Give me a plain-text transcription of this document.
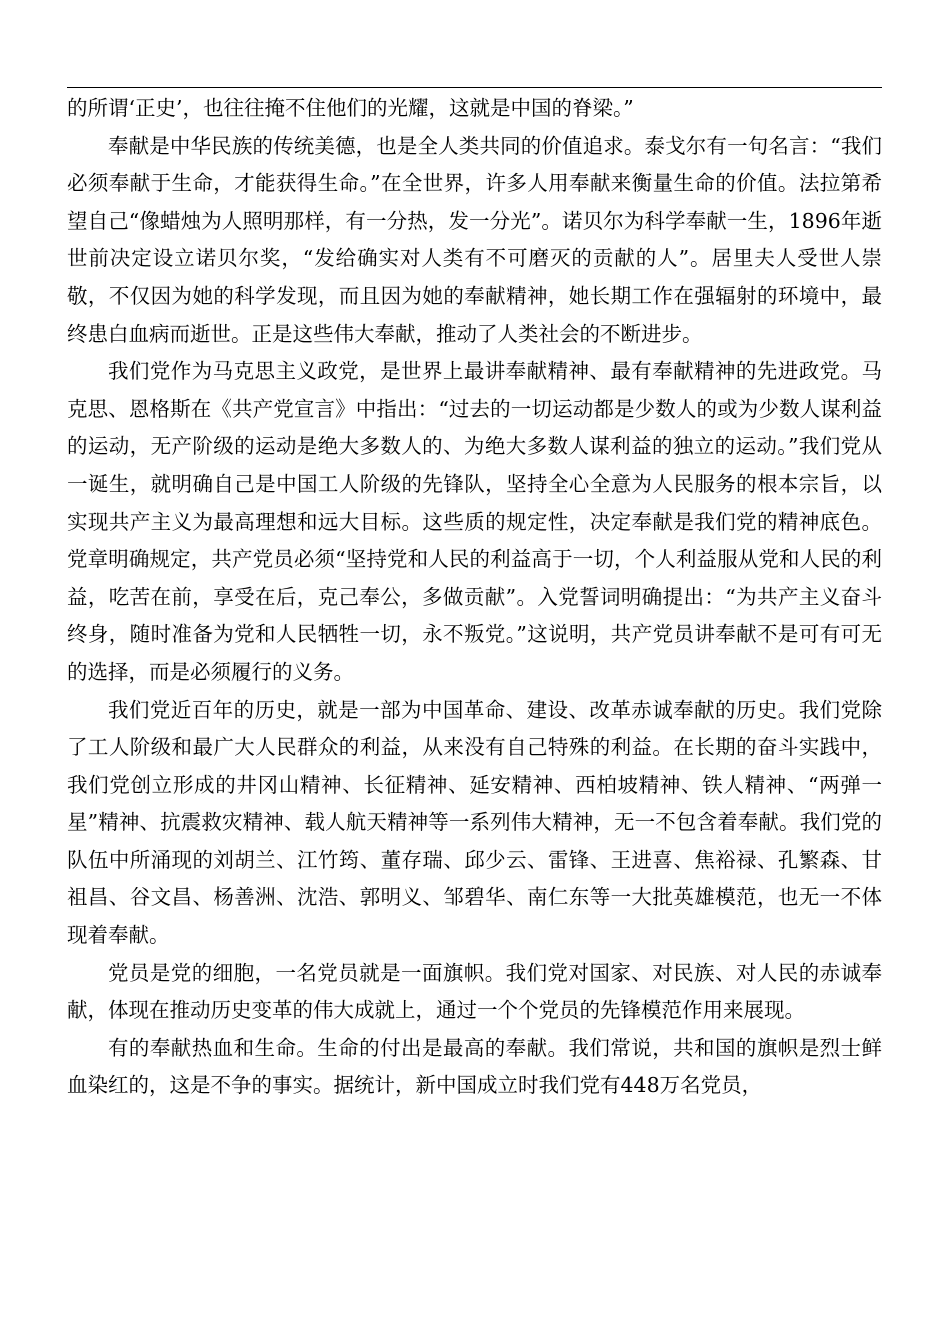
的所谓‘正史’，也往往掩不住他们的光耀，这就是中国的脊梁。”

奉献是中华民族的传统美德，也是全人类共同的价值追求。泰戈尔有一句名言：“我们必须奉献于生命，才能获得生命。”在全世界，许多人用奉献来衡量生命的价值。法拉第希望自己“像蜡烛为人照明那样，有一分热，发一分光”。诺贝尔为科学奉献一生，1896年逝世前决定设立诺贝尔奖，“发给确实对人类有不可磨灭的贡献的人”。居里夫人受世人崇敬，不仅因为她的科学发现，而且因为她的奉献精神，她长期工作在强辐射的环境中，最终患白血病而逝世。正是这些伟大奉献，推动了人类社会的不断进步。

我们党作为马克思主义政党，是世界上最讲奉献精神、最有奉献精神的先进政党。马克思、恩格斯在《共产党宣言》中指出：“过去的一切运动都是少数人的或为少数人谋利益的运动，无产阶级的运动是绝大多数人的、为绝大多数人谋利益的独立的运动。”我们党从一诞生，就明确自己是中国工人阶级的先锋队，坚持全心全意为人民服务的根本宗旨，以实现共产主义为最高理想和远大目标。这些质的规定性，决定奉献是我们党的精神底色。党章明确规定，共产党员必须“坚持党和人民的利益高于一切，个人利益服从党和人民的利益，吃苦在前，享受在后，克己奉公，多做贡献”。入党誓词明确提出：“为共产主义奋斗终身，随时准备为党和人民牺牲一切，永不叛党。”这说明，共产党员讲奉献不是可有可无的选择，而是必须履行的义务。

我们党近百年的历史，就是一部为中国革命、建设、改革赤诚奉献的历史。我们党除了工人阶级和最广大人民群众的利益，从来没有自己特殊的利益。在长期的奋斗实践中，我们党创立形成的井冈山精神、长征精神、延安精神、西柏坡精神、铁人精神、“两弹一星”精神、抗震救灾精神、载人航天精神等一系列伟大精神，无一不包含着奉献。我们党的队伍中所涌现的刘胡兰、江竹筠、董存瑞、邱少云、雷锋、王进喜、焦裕禄、孔繁森、甘祖昌、谷文昌、杨善洲、沈浩、郭明义、邹碧华、南仁东等一大批英雄模范，也无一不体现着奉献。

党员是党的细胞，一名党员就是一面旗帜。我们党对国家、对民族、对人民的赤诚奉献，体现在推动历史变革的伟大成就上，通过一个个党员的先锋模范作用来展现。

有的奉献热血和生命。生命的付出是最高的奉献。我们常说，共和国的旗帜是烈士鲜血染红的，这是不争的事实。据统计，新中国成立时我们党有448万名党员，
